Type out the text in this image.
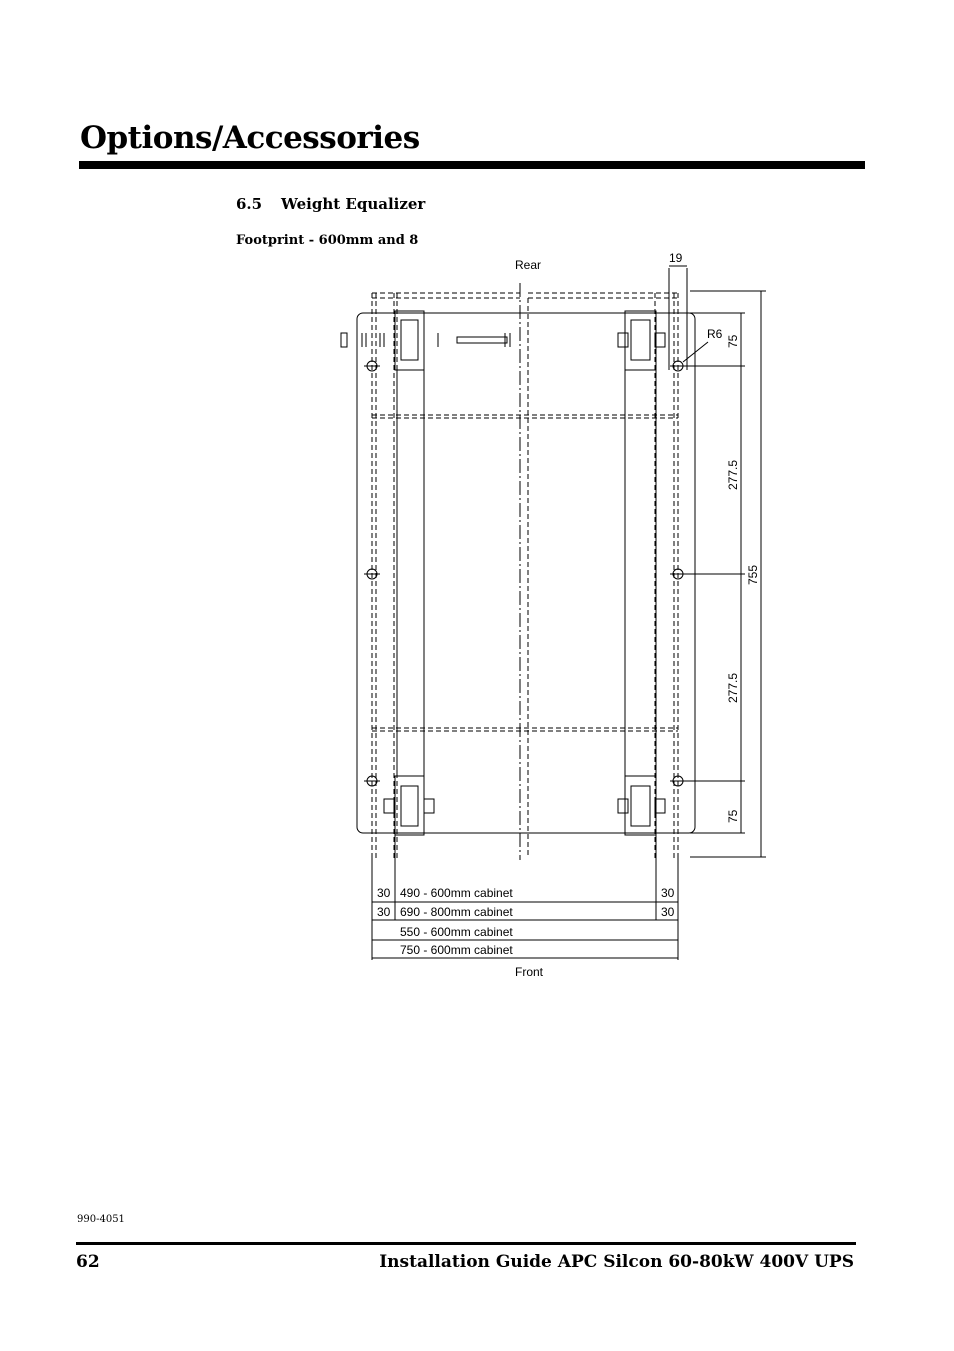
Options/Accessories
6.5 Weight Equalizer
Footprint - 600mm and 8
Rear	19
R6
75
277.5
755
277.5
75
30 490 - 600mm cabinet	30
30 690 - 800mm cabinet	30
550 - 600mm cabinet
750 - 600mm cabinet
Front
990-4051
62	Installation Guide APC Silcon 60-80kW 400V UPS
